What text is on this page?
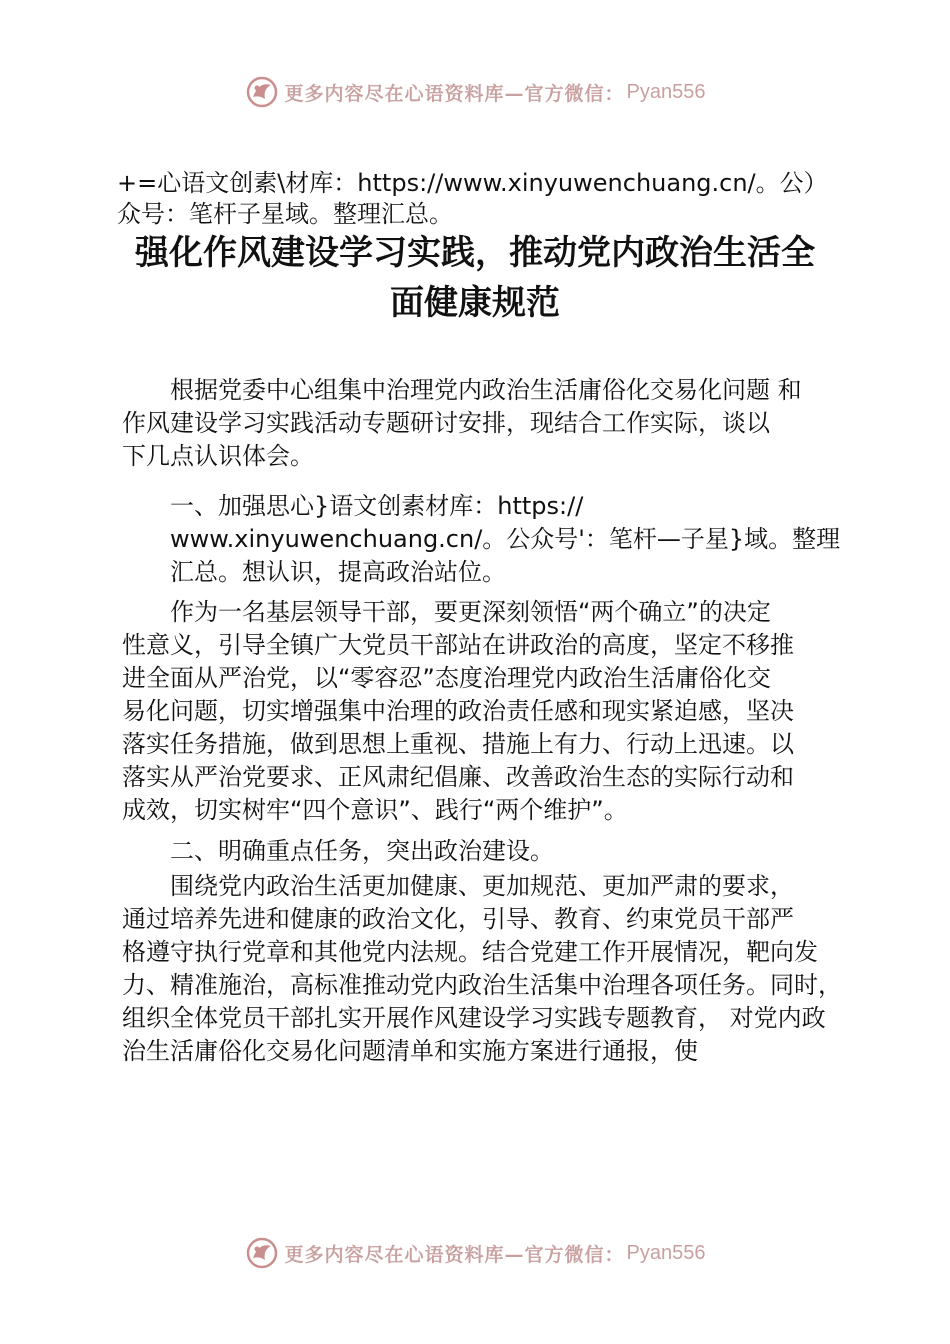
更多内容尽在心语资料库—官方微信： Pyan556
+=心语文创素\材库：https://www.xinyuwenchuang.cn/。公）
众号：笔杆子星域。整理汇总。
强化作风建设学习实践，推动党内政治生活全
面健康规范
　　根据党委中心组集中治理党内政治生活庸俗化交易化问题 和
作风建设学习实践活动专题研讨安排，现结合工作实际，谈以
下几点认识体会。
　　一、加强思心}语文创素材库：https://
　　www.xinyuwenchuang.cn/。公众号'：笔杆—子星}域。整理
　　汇总。想认识，提高政治站位。
　　作为一名基层领导干部，要更深刻领悟“两个确立”的决定
性意义，引导全镇广大党员干部站在讲政治的高度，坚定不移推
进全面从严治党，以“零容忍”态度治理党内政治生活庸俗化交
易化问题，切实增强集中治理的政治责任感和现实紧迫感，坚决
落实任务措施，做到思想上重视、措施上有力、行动上迅速。以
落实从严治党要求、正风肃纪倡廉、改善政治生态的实际行动和
成效，切实树牢“四个意识”、践行“两个维护”。
　　二、明确重点任务，突出政治建设。
　　围绕党内政治生活更加健康、更加规范、更加严肃的要求，
通过培养先进和健康的政治文化，引导、教育、约束党员干部严
格遵守执行党章和其他党内法规。结合党建工作开展情况，靶向发
力、精准施治，高标准推动党内政治生活集中治理各项任务。同时，
组织全体党员干部扎实开展作风建设学习实践专题教育， 对党内政
治生活庸俗化交易化问题清单和实施方案进行通报，使
更多内容尽在心语资料库—官方微信： Pyan556
